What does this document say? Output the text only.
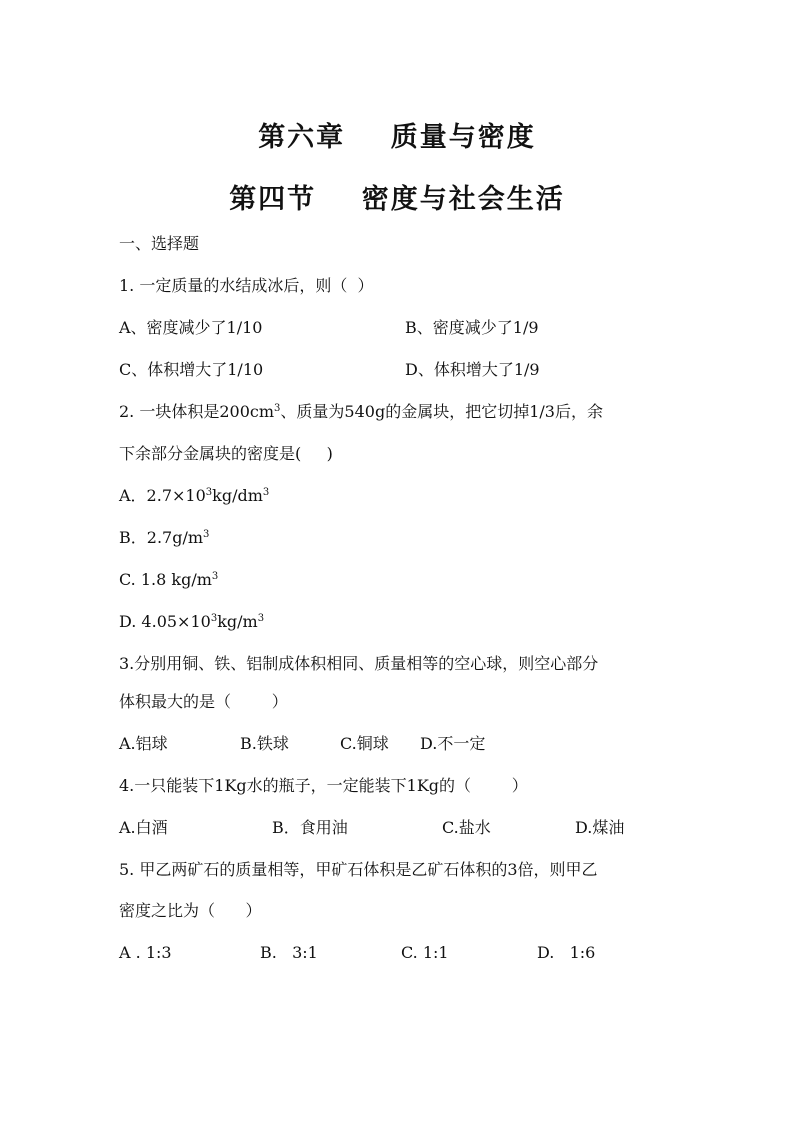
第六章    质量与密度
第四节    密度与社会生活
一、选择题
1. 一定质量的水结成冰后，则（  ）
A、密度减少了1/10	B、密度减少了1/9
C、体积增大了1/10	D、体积增大了1/9
2. 一块体积是$200cm^3$、质量为540g的金属块，把它切掉1/3后，余
下余部分金属块的密度是(     )
A．$2.7\times 10^3kg/dm^3$
B．$2.7g/m^3$
C. 1.8 $kg/m^3$
D. $4.05\times 10^3kg/m^3$
3.分别用铜、铁、铝制成体积相同、质量相等的空心球，则空心部分
体积最大的是（        ）
A.铝球	B.铁球	C.铜球 D.不一定
4.一只能装下1Kg水的瓶子，一定能装下1Kg的（        ）
A.白酒	B．食用油	C.盐水	D.煤油
5. 甲乙两矿石的质量相等，甲矿石体积是乙矿石体积的3倍，则甲乙
密度之比为（      ）
A . 1:3	B.   3:1	C. 1:1	D.   1:6
